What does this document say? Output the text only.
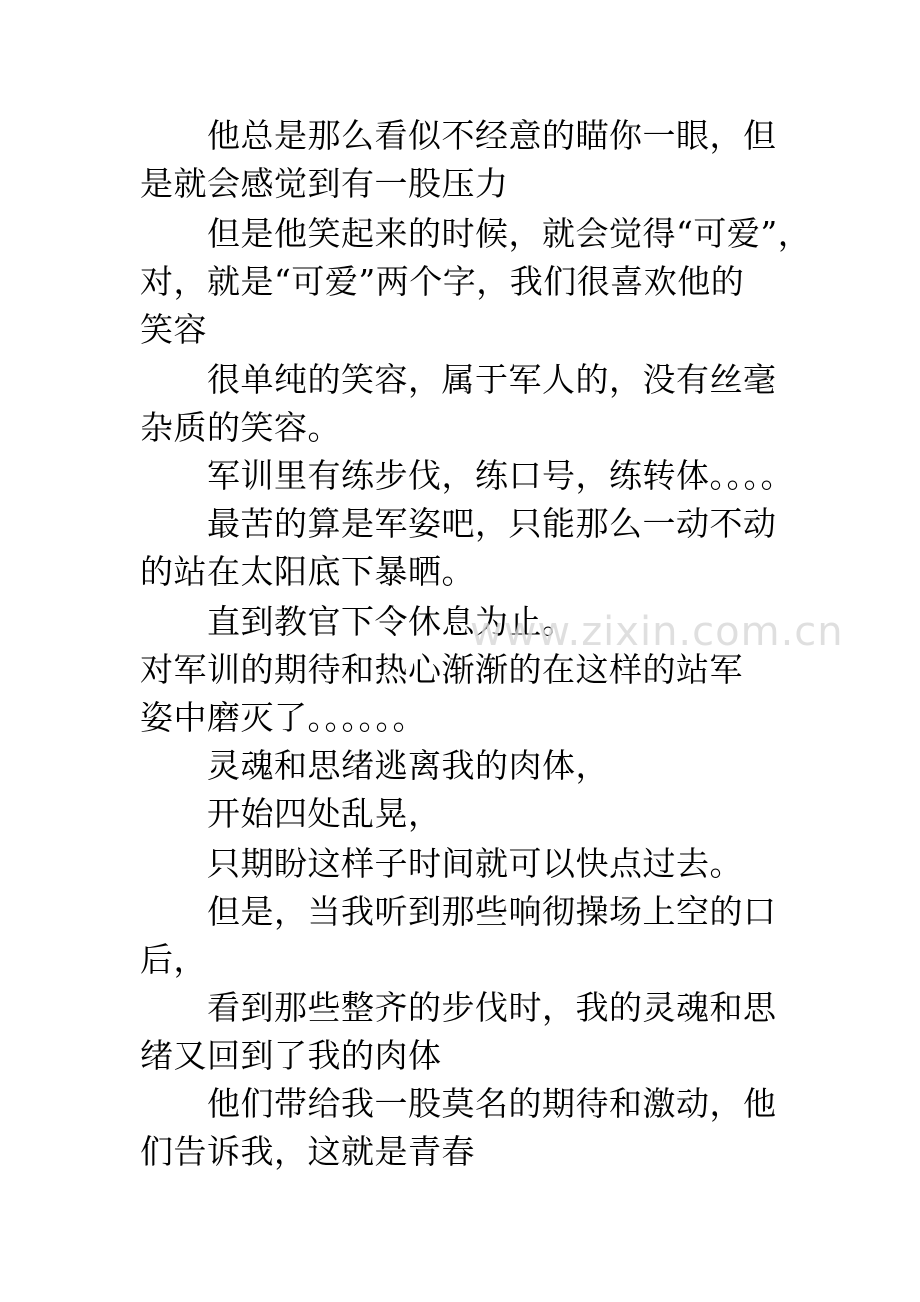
他总是那么看似不经意的瞄你一眼，但
是就会感觉到有一股压力
但是他笑起来的时候，就会觉得“可爱”，
对，就是“可爱”两个字，我们很喜欢他的
笑容
很单纯的笑容，属于军人的，没有丝毫
杂质的笑容。
军训里有练步伐，练口号，练转体。。。。
最苦的算是军姿吧，只能那么一动不动
的站在太阳底下暴晒。
直到教官下令休息为止。
对军训的期待和热心渐渐的在这样的站军
姿中磨灭了。。。。。。
灵魂和思绪逃离我的肉体，
开始四处乱晃，
只期盼这样子时间就可以快点过去。
但是，当我听到那些响彻操场上空的口
后，
看到那些整齐的步伐时，我的灵魂和思
绪又回到了我的肉体
他们带给我一股莫名的期待和激动，他
们告诉我，这就是青春
www.zixin.com.cn
